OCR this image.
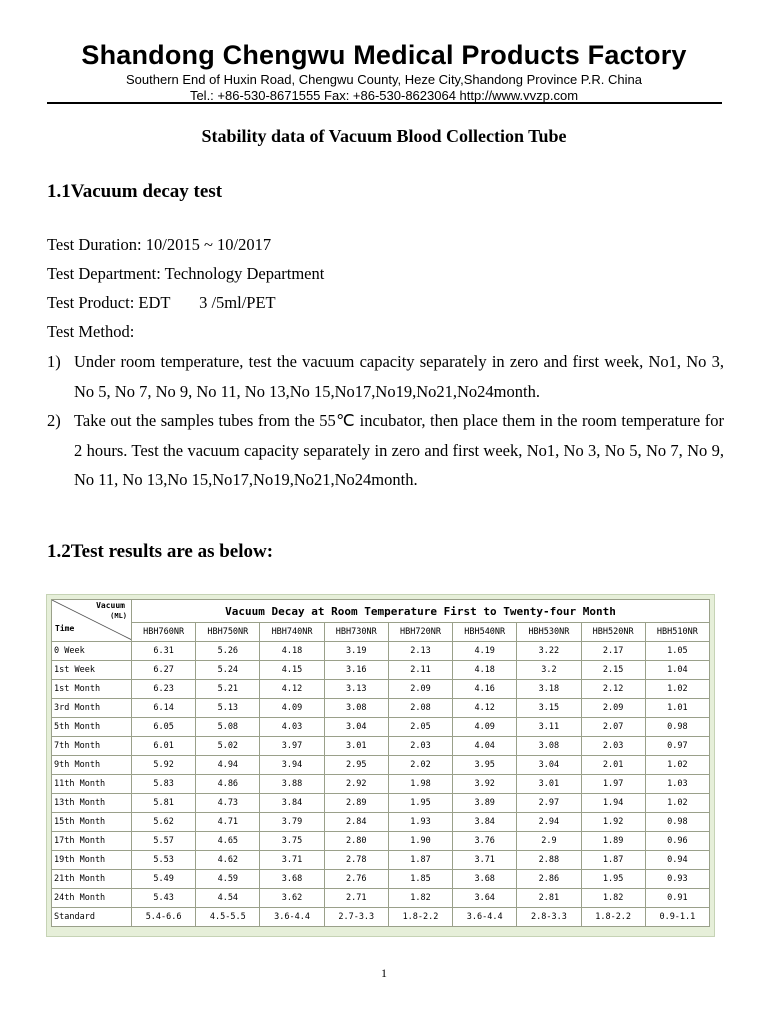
Shandong Chengwu Medical Products Factory
Southern End of Huxin Road, Chengwu County, Heze City,Shandong Province P.R. China
Tel.: +86-530-8671555 Fax: +86-530-8623064 http://www.vvzp.com
Stability data of Vacuum Blood Collection Tube
1.1Vacuum decay test
Test Duration: 10/2015 ~ 10/2017
Test Department: Technology Department
Test Product: EDT       3 /5ml/PET
Test Method:
1) Under room temperature, test the vacuum capacity separately in zero and first week, No1, No 3, No 5, No 7, No 9, No 11, No 13,No 15,No17,No19,No21,No24month.
2) Take out the samples tubes from the 55℃ incubator, then place them in the room temperature for 2 hours. Test the vacuum capacity separately in zero and first week, No1, No 3, No 5, No 7, No 9, No 11, No 13,No 15,No17,No19,No21,No24month.
1.2Test results are as below:
Vacuum
(ML)
Time	Vacuum Decay at Room Temperature First to Twenty-four Month								
	HBH760NR	HBH750NR	HBH740NR	HBH730NR	HBH720NR	HBH540NR	HBH530NR	HBH520NR	HBH510NR
0 Week	6.31	5.26	4.18	3.19	2.13	4.19	3.22	2.17	1.05
1st Week	6.27	5.24	4.15	3.16	2.11	4.18	3.2	2.15	1.04
1st Month	6.23	5.21	4.12	3.13	2.09	4.16	3.18	2.12	1.02
3rd Month	6.14	5.13	4.09	3.08	2.08	4.12	3.15	2.09	1.01
5th Month	6.05	5.08	4.03	3.04	2.05	4.09	3.11	2.07	0.98
7th Month	6.01	5.02	3.97	3.01	2.03	4.04	3.08	2.03	0.97
9th Month	5.92	4.94	3.94	2.95	2.02	3.95	3.04	2.01	1.02
11th Month	5.83	4.86	3.88	2.92	1.98	3.92	3.01	1.97	1.03
13th Month	5.81	4.73	3.84	2.89	1.95	3.89	2.97	1.94	1.02
15th Month	5.62	4.71	3.79	2.84	1.93	3.84	2.94	1.92	0.98
17th Month	5.57	4.65	3.75	2.80	1.90	3.76	2.9	1.89	0.96
19th Month	5.53	4.62	3.71	2.78	1.87	3.71	2.88	1.87	0.94
21th Month	5.49	4.59	3.68	2.76	1.85	3.68	2.86	1.95	0.93
24th Month	5.43	4.54	3.62	2.71	1.82	3.64	2.81	1.82	0.91
Standard	5.4-6.6	4.5-5.5	3.6-4.4	2.7-3.3	1.8-2.2	3.6-4.4	2.8-3.3	1.8-2.2	0.9-1.1
1
